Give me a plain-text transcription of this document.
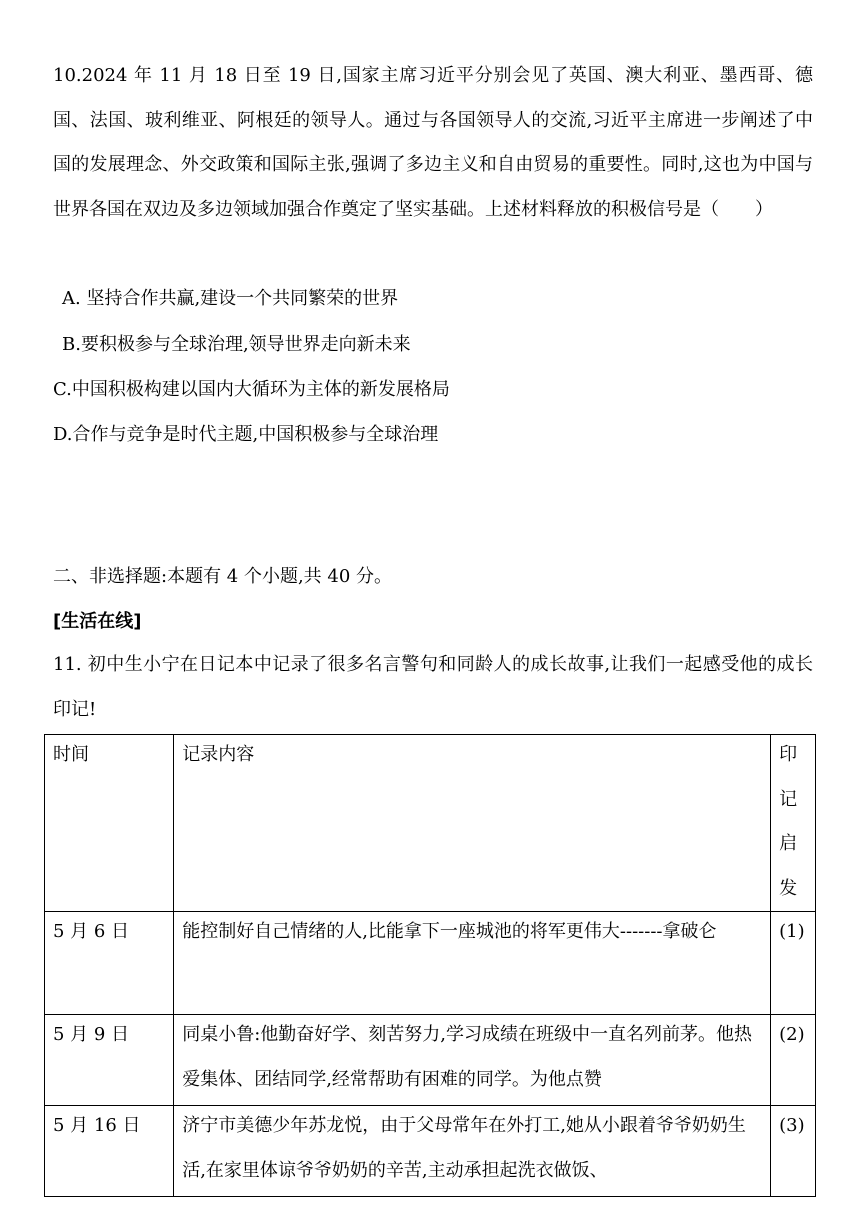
10.2024 年 11 月 18 日至 19 日,国家主席习近平分别会见了英国、澳大利亚、墨西哥、德国、法国、玻利维亚、阿根廷的领导人。通过与各国领导人的交流,习近平主席进一步阐述了中国的发展理念、外交政策和国际主张,强调了多边主义和自由贸易的重要性。同时,这也为中国与世界各国在双边及多边领域加强合作奠定了坚实基础。上述材料释放的积极信号是（　　）

A. 坚持合作共赢,建设一个共同繁荣的世界

B.要积极参与全球治理,领导世界走向新未来

C.中国积极构建以国内大循环为主体的新发展格局

D.合作与竞争是时代主题,中国积极参与全球治理

二、非选择题:本题有 4 个小题,共 40 分。

[生活在线]

11. 初中生小宁在日记本中记录了很多名言警句和同龄人的成长故事,让我们一起感受他的成长印记!

时间	记录内容	印记启发

5 月 6 日	能控制好自己情绪的人,比能拿下一座城池的将军更伟大-------拿破仑	(1)

5 月 9 日	同桌小鲁:他勤奋好学、刻苦努力,学习成绩在班级中一直名列前茅。他热爱集体、团结同学,经常帮助有困难的同学。为他点赞	(2)

5 月 16 日	济宁市美德少年苏龙悦，由于父母常年在外打工,她从小跟着爷爷奶奶生活,在家里体谅爷爷奶奶的辛苦,主动承担起洗衣做饭、	(3)
